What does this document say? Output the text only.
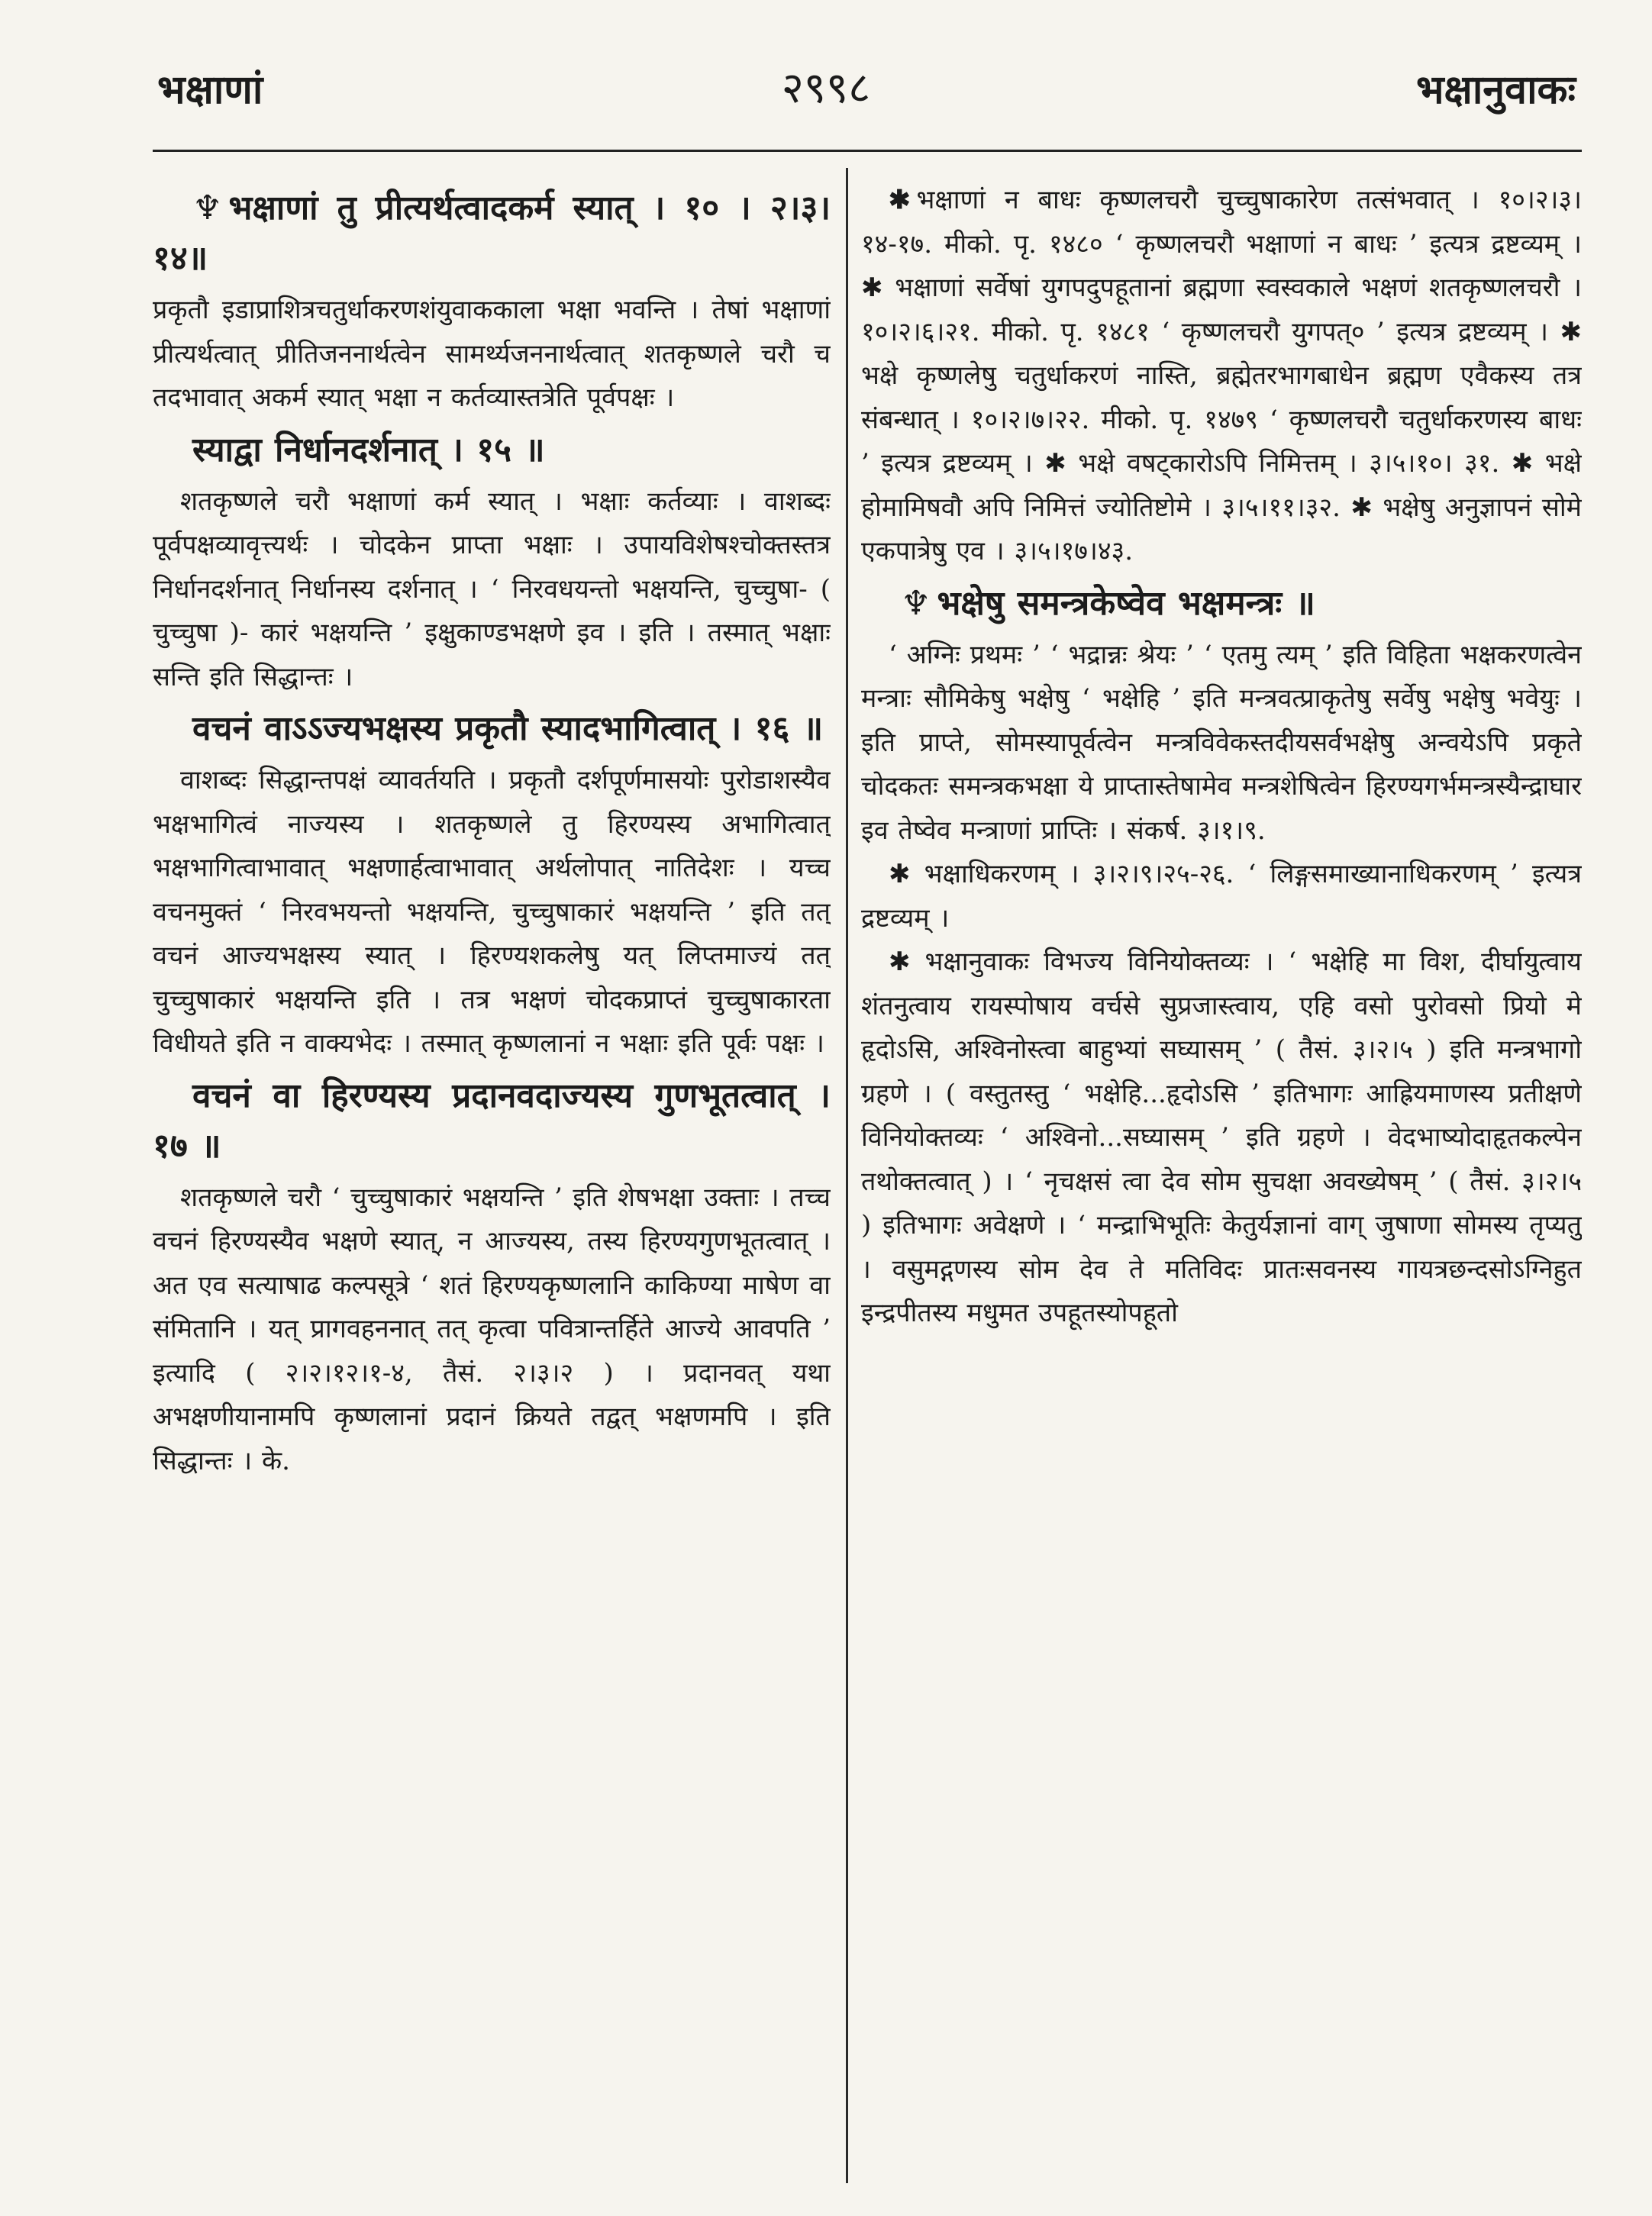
भक्षाणां	२९९८	भक्षानुवाकः

♆ भक्षाणां तु प्रीत्यर्थत्वादकर्म स्यात् । १० । २।३।१४॥

प्रकृतौ इडाप्राशित्रचतुर्धाकरणशंयुवाककाला भक्षा भवन्ति । तेषां भक्षाणां प्रीत्यर्थत्वात् प्रीतिजननार्थत्वेन सामर्थ्यजननार्थत्वात् शतकृष्णले चरौ च तदभावात् अकर्म स्यात् भक्षा न कर्तव्यास्तत्रेति पूर्वपक्षः ।

स्याद्वा निर्धानदर्शनात् । १५ ॥

शतकृष्णले चरौ भक्षाणां कर्म स्यात् । भक्षाः कर्तव्याः । वाशब्दः पूर्वपक्षव्यावृत्त्यर्थः । चोदकेन प्राप्ता भक्षाः । उपायविशेषश्चोक्तस्तत्र निर्धानदर्शनात् निर्धानस्य दर्शनात् । ‘ निरवधयन्तो भक्षयन्ति, चुच्चुषा- ( चुच्चुषा )- कारं भक्षयन्ति ’ इक्षुकाण्डभक्षणे इव । इति । तस्मात् भक्षाः सन्ति इति सिद्धान्तः ।

वचनं वाऽऽज्यभक्षस्य प्रकृतौ स्यादभागित्वात् । १६ ॥

वाशब्दः सिद्धान्तपक्षं व्यावर्तयति । प्रकृतौ दर्शपूर्णमासयोः पुरोडाशस्यैव भक्षभागित्वं नाज्यस्य । शतकृष्णले तु हिरण्यस्य अभागित्वात् भक्षभागित्वाभावात् भक्षणार्हत्वाभावात् अर्थलोपात् नातिदेशः । यच्च वचनमुक्तं ‘ निरवभयन्तो भक्षयन्ति, चुच्चुषाकारं भक्षयन्ति ’ इति तत् वचनं आज्यभक्षस्य स्यात् । हिरण्यशकलेषु यत् लिप्तमाज्यं तत् चुच्चुषाकारं भक्षयन्ति इति । तत्र भक्षणं चोदकप्राप्तं चुच्चुषाकारता विधीयते इति न वाक्यभेदः । तस्मात् कृष्णलानां न भक्षाः इति पूर्वः पक्षः ।

वचनं वा हिरण्यस्य प्रदानवदाज्यस्य गुणभूतत्वात् । १७ ॥

शतकृष्णले चरौ ‘ चुच्चुषाकारं भक्षयन्ति ’ इति शेषभक्षा उक्ताः । तच्च वचनं हिरण्यस्यैव भक्षणे स्यात्, न आज्यस्य, तस्य हिरण्यगुणभूतत्वात् । अत एव सत्याषाढ कल्पसूत्रे ‘ शतं हिरण्यकृष्णलानि काकिण्या माषेण वा संमितानि । यत् प्रागवहननात् तत् कृत्वा पवित्रान्तर्हिते आज्ये आवपति ’ इत्यादि ( २।२।१२।१-४, तैसं. २।३।२ ) । प्रदानवत् यथा अभक्षणीयानामपि कृष्णलानां प्रदानं क्रियते तद्वत् भक्षणमपि । इति सिद्धान्तः । के.

✱ भक्षाणां न बाधः कृष्णलचरौ चुच्चुषाकारेण तत्संभवात् । १०।२।३।१४-१७. मीको. पृ. १४८० ‘ कृष्णलचरौ भक्षाणां न बाधः ’ इत्यत्र द्रष्टव्यम् । ✱ भक्षाणां सर्वेषां युगपदुपहूतानां ब्रह्मणा स्वस्वकाले भक्षणं शतकृष्णलचरौ । १०।२।६।२१. मीको. पृ. १४८१ ‘ कृष्णलचरौ युगपत्० ’ इत्यत्र द्रष्टव्यम् । ✱ भक्षे कृष्णलेषु चतुर्धाकरणं नास्ति, ब्रह्मेतरभागबाधेन ब्रह्मण एवैकस्य तत्र संबन्धात् । १०।२।७।२२. मीको. पृ. १४७९ ‘ कृष्णलचरौ चतुर्धाकरणस्य बाधः ’ इत्यत्र द्रष्टव्यम् । ✱ भक्षे वषट्कारोऽपि निमित्तम् । ३।५।१०। ३१. ✱ भक्षे होमामिषवौ अपि निमित्तं ज्योतिष्टोमे । ३।५।११।३२. ✱ भक्षेषु अनुज्ञापनं सोमे एकपात्रेषु एव । ३।५।१७।४३.

♆ भक्षेषु समन्त्रकेष्वेव भक्षमन्त्रः ॥

‘ अग्निः प्रथमः ’ ‘ भद्रान्नः श्रेयः ’ ‘ एतमु त्यम् ’ इति विहिता भक्षकरणत्वेन मन्त्राः सौमिकेषु भक्षेषु ‘ भक्षेहि ’ इति मन्त्रवत्प्राकृतेषु सर्वेषु भक्षेषु भवेयुः । इति प्राप्ते, सोमस्यापूर्वत्वेन मन्त्रविवेकस्तदीयसर्वभक्षेषु अन्वयेऽपि प्रकृते चोदकतः समन्त्रकभक्षा ये प्राप्तास्तेषामेव मन्त्रशेषित्वेन हिरण्यगर्भमन्त्रस्यैन्द्राघार इव तेष्वेव मन्त्राणां प्राप्तिः । संकर्ष. ३।१।९.

✱ भक्षाधिकरणम् । ३।२।९।२५-२६. ‘ लिङ्गसमाख्यानाधिकरणम् ’ इत्यत्र द्रष्टव्यम् ।

✱ भक्षानुवाकः विभज्य विनियोक्तव्यः । ‘ भक्षेहि मा विश, दीर्घायुत्वाय शंतनुत्वाय रायस्पोषाय वर्चसे सुप्रजास्त्वाय, एहि वसो पुरोवसो प्रियो मे हृदोऽसि, अश्विनोस्त्वा बाहुभ्यां सघ्यासम् ’ ( तैसं. ३।२।५ ) इति मन्त्रभागो ग्रहणे । ( वस्तुतस्तु ‘ भक्षेहि...हृदोऽसि ’ इतिभागः आह्रियमाणस्य प्रतीक्षणे विनियोक्तव्यः ‘ अश्विनो...सघ्यासम् ’ इति ग्रहणे । वेदभाष्योदाहृतकल्पेन तथोक्तत्वात् ) । ‘ नृचक्षसं त्वा देव सोम सुचक्षा अवख्येषम् ’ ( तैसं. ३।२।५ ) इतिभागः अवेक्षणे । ‘ मन्द्राभिभूतिः केतुर्यज्ञानां वाग् जुषाणा सोमस्य तृप्यतु । वसुमद्गणस्य सोम देव ते मतिविदः प्रातःसवनस्य गायत्रछन्दसोऽग्निहुत इन्द्रपीतस्य मधुमत उपहूतस्योपहूतो
